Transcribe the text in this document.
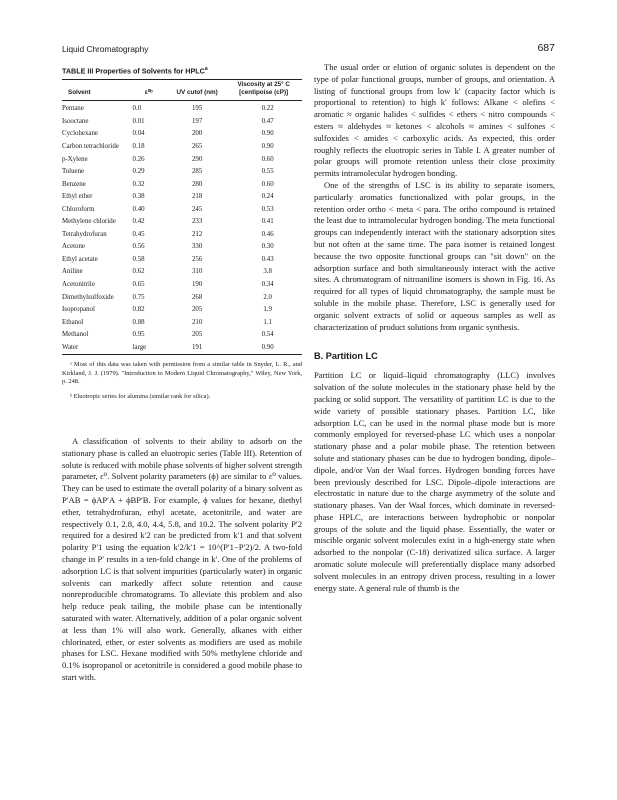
Liquid Chromatography	687
TABLE III Properties of Solvents for HPLC$^a$
Solvent	ε⁰ᵇ	UV cutof (nm)	Viscosity at 25° C [centipoise (cP)]
Pentane	0.0	195	0.22
Isooctane	0.01	197	0.47
Cyclohexane	0.04	200	0.90
Carbon tetrachloride	0.18	265	0.90
p-Xylene	0.26	290	0.60
Toluene	0.29	285	0.55
Benzene	0.32	280	0.60
Ethyl ether	0.38	218	0.24
Chloroform	0.40	245	0.53
Methylene chloride	0.42	233	0.41
Tetrahydrofuran	0.45	212	0.46
Acetone	0.56	330	0.30
Ethyl acetate	0.58	256	0.43
Aniline	0.62	310	3.8
Acetonitrile	0.65	190	0.34
Dimethylsulfoxide	0.75	268	2.0
Isopropanol	0.82	205	1.9
Ethanol	0.88	210	1.1
Methanol	0.95	205	0.54
Water	large	191	0.90

ᵃ Most of this data was taken with permission from a similar table in Snyder, L. R., and Kirkland, J. J. (1979). "Introduction to Modern Liquid Chromatography," Wiley, New York, p. 248.

ᵇ Eluotropic series for alumina (similar rank for silica).

A classification of solvents to their ability to adsorb on the stationary phase is called an eluotropic series (Table III). Retention of solute is reduced with mobile phase solvents of higher solvent strength parameter, ε⁰. Solvent polarity parameters (ϕ) are similar to ε⁰ values. They can be used to estimate the overall polarity of a binary solvent as P′AB = ϕAP′A + ϕBP′B. For example, ϕ values for hexane, diethyl ether, tetrahydrofuran, ethyl acetate, acetonitrile, and water are respectively 0.1, 2.8, 4.0, 4.4, 5.8, and 10.2. The solvent polarity P′2 required for a desired k′2 can be predicted from k′1 and that solvent polarity P′1 using the equation k′2/k′1 = 10^(P′1−P′2)/2. A two-fold change in P′ results in a ten-fold change in k′. One of the problems of adsorption LC is that solvent impurities (particularly water) in organic solvents can markedly affect solute retention and cause nonreproducible chromatograms. To alleviate this problem and also help reduce peak tailing, the mobile phase can be intentionally saturated with water. Alternatively, addition of a polar organic solvent at less than 1% will also work. Generally, alkanes with either chlorinated, ether, or ester solvents as modifiers are used as mobile phases for LSC. Hexane modified with 50% methylene chloride and 0.1% isopropanol or acetonitrile is considered a good mobile phase to start with.

The usual order or elution of organic solutes is dependent on the type of polar functional groups, number of groups, and orientation. A listing of functional groups from low k′ (capacity factor which is proportional to retention) to high k′ follows: Alkane < olefins < aromatic ≈ organic halides < sulfides < ethers < nitro compounds < esters ≈ aldehydes ≈ ketones < alcohols ≈ amines < sulfones < sulfoxides < amides < carboxylic acids. As expected, this order roughly reflects the eluotropic series in Table I. A greater number of polar groups will promote retention unless their close proximity permits intramolecular hydrogen bonding.

One of the strengths of LSC is its ability to separate isomers, particularly aromatics functionalized with polar groups, in the retention order ortho < meta < para. The ortho compound is retained the least due to intramolecular hydrogen bonding. The meta functional groups can independently interact with the stationary adsorption sites but not often at the same time. The para isomer is retained longest because the two opposite functional groups can "sit down" on the adsorption surface and both simultaneously interact with the active sites. A chromatogram of nitroaniline isomers is shown in Fig. 16. As required for all types of liquid chromatography, the sample must be soluble in the mobile phase. Therefore, LSC is generally used for organic solvent extracts of solid or aqueous samples as well as characterization of product solutions from organic synthesis.

B. Partition LC

Partition LC or liquid–liquid chromatography (LLC) involves solvation of the solute molecules in the stationary phase held by the packing or solid support. The versatility of partition LC is due to the wide variety of possible stationary phases. Partition LC, like adsorption LC, can be used in the normal phase mode but is more commonly employed for reversed-phase LC which uses a nonpolar stationary phase and a polar mobile phase. The retention between solute and stationary phases can be due to hydrogen bonding, dipole–dipole, and/or Van der Waal forces. Hydrogen bonding forces have been previously described for LSC. Dipole–dipole interactions are electrostatic in nature due to the charge asymmetry of the solute and stationary phases. Van der Waal forces, which dominate in reversed-phase HPLC, are interactions between hydrophobic or nonpolar groups of the solute and the liquid phase. Essentially, the water or miscible organic solvent molecules exist in a high-energy state when adsorbed to the nonpolar (C-18) derivatized silica surface. A larger aromatic solute molecule will preferentially displace many adsorbed solvent molecules in an entropy driven process, resulting in a lower energy state. A general rule of thumb is the
